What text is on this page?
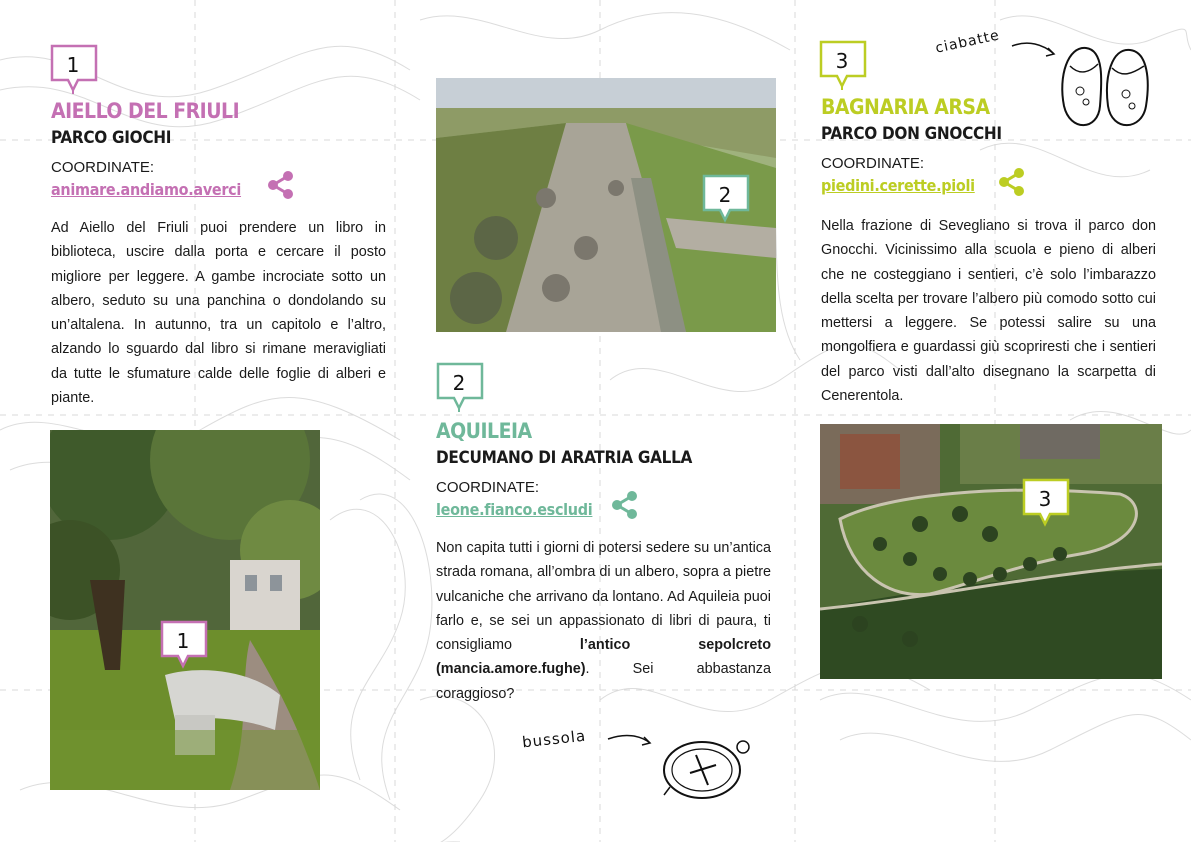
1
AIELLO DEL FRIULI
PARCO GIOCHI
COORDINATE:
animare.andiamo.averci
Ad Aiello del Friuli puoi prendere un libro in biblioteca, uscire dalla porta e cercare il posto migliore per leggere. A gambe incrociate sotto un albero, seduto su una panchina o dondolando su un’altalena. In autunno, tra un capitolo e l’altro, alzando lo sguardo dal libro si rimane meravigliati da tutte le sfumature calde delle foglie di alberi e piante.
1
2
2
AQUILEIA
DECUMANO DI ARATRIA GALLA
COORDINATE:
leone.fianco.escludi
Non capita tutti i giorni di potersi sedere su un’antica strada romana, all’ombra di un albero, sopra a pietre vulcaniche che arrivano da lontano. Ad Aquileia puoi farlo e, se sei un appassionato di libri di paura, ti consigliamo l’antico sepolcreto (mancia.amore.fughe). Sei abbastanza coraggioso?
bussola
3
BAGNARIA ARSA
PARCO DON GNOCCHI
COORDINATE:
piedini.cerette.pioli
Nella frazione di Sevegliano si trova il parco don Gnocchi. Vicinissimo alla scuola e pieno di alberi che ne costeggiano i sentieri, c’è solo l’imbarazzo della scelta per trovare l’albero più comodo sotto cui mettersi a leggere. Se potessi salire su una mongolfiera e guardassi giù scopriresti che i sentieri del parco visti dall’alto disegnano la scarpetta di Cenerentola.
ciabatte
3
